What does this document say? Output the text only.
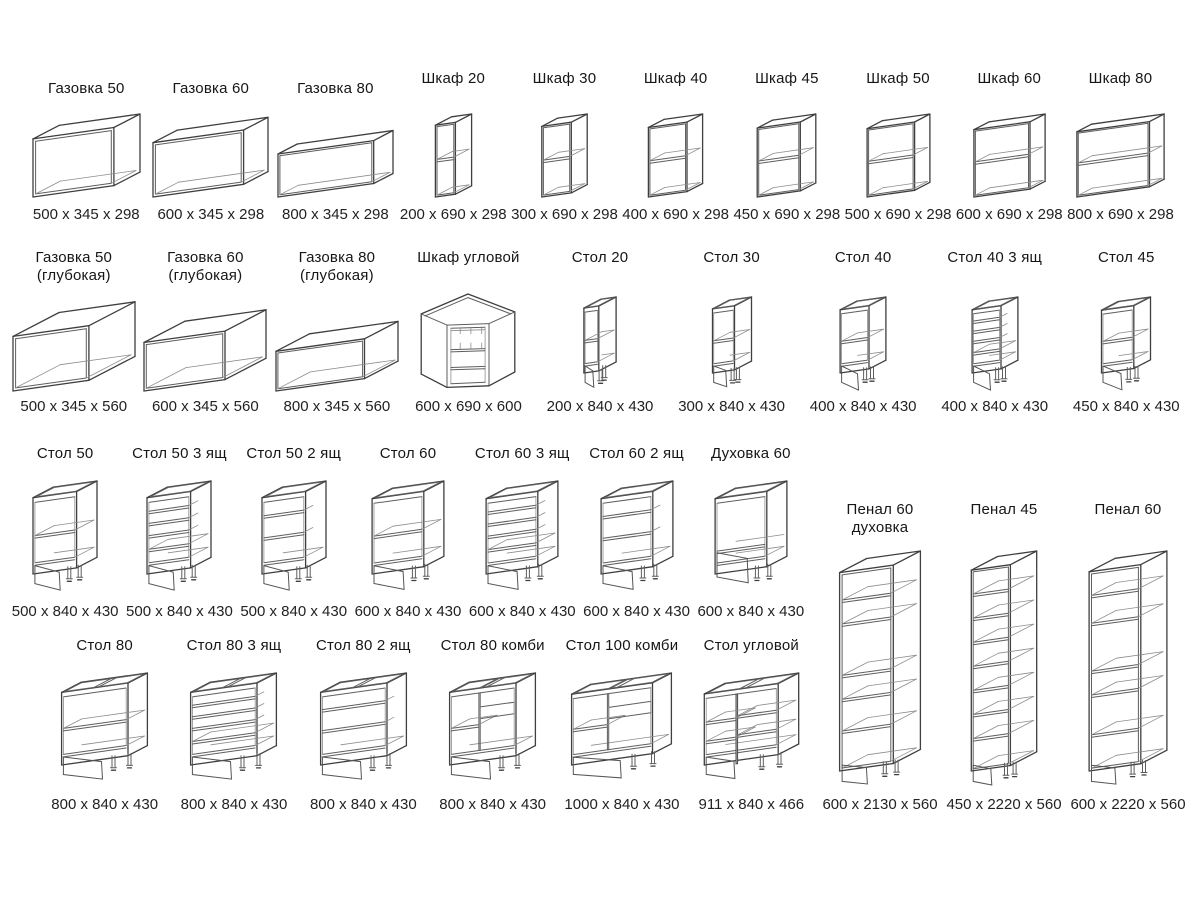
Газовка 50
500 x 345 x 298
Газовка 60
600 x 345 x 298
Газовка 80
800 x 345 x 298
Шкаф 20
200 x 690 x 298
Шкаф 30
300 x 690 x 298
Шкаф 40
400 x 690 x 298
Шкаф 45
450 x 690 x 298
Шкаф 50
500 x 690 x 298
Шкаф 60
600 x 690 x 298
Шкаф 80
800 x 690 x 298
Газовка 50
(глубокая)
500 x 345 x 560
Газовка 60
(глубокая)
600 x 345 x 560
Газовка 80
(глубокая)
800 x 345 x 560
Шкаф угловой
600 x 690 x 600
Стол 20
200 x 840 x 430
Стол 30
300 x 840 x 430
Стол 40
400 x 840 x 430
Стол 40 3 ящ
400 x 840 x 430
Стол 45
450 x 840 x 430
Стол 50
500 x 840 x 430
Стол 50 3 ящ
500 x 840 x 430
Стол 50 2 ящ
500 x 840 x 430
Стол 60
600 x 840 x 430
Стол 60 3 ящ
600 x 840 x 430
Стол 60 2 ящ
600 x 840 x 430
Духовка 60
600 x 840 x 430
Стол 80
800 x 840 x 430
Стол 80 3 ящ
800 x 840 x 430
Стол 80 2 ящ
800 x 840 x 430
Стол 80 комби
800 x 840 x 430
Стол 100 комби
1000 x 840 x 430
Стол угловой
911 x 840 x 466
Пенал 60
духовка
600 x 2130 x 560
Пенал 45
450 x 2220 x 560
Пенал 60
600 x 2220 x 560
